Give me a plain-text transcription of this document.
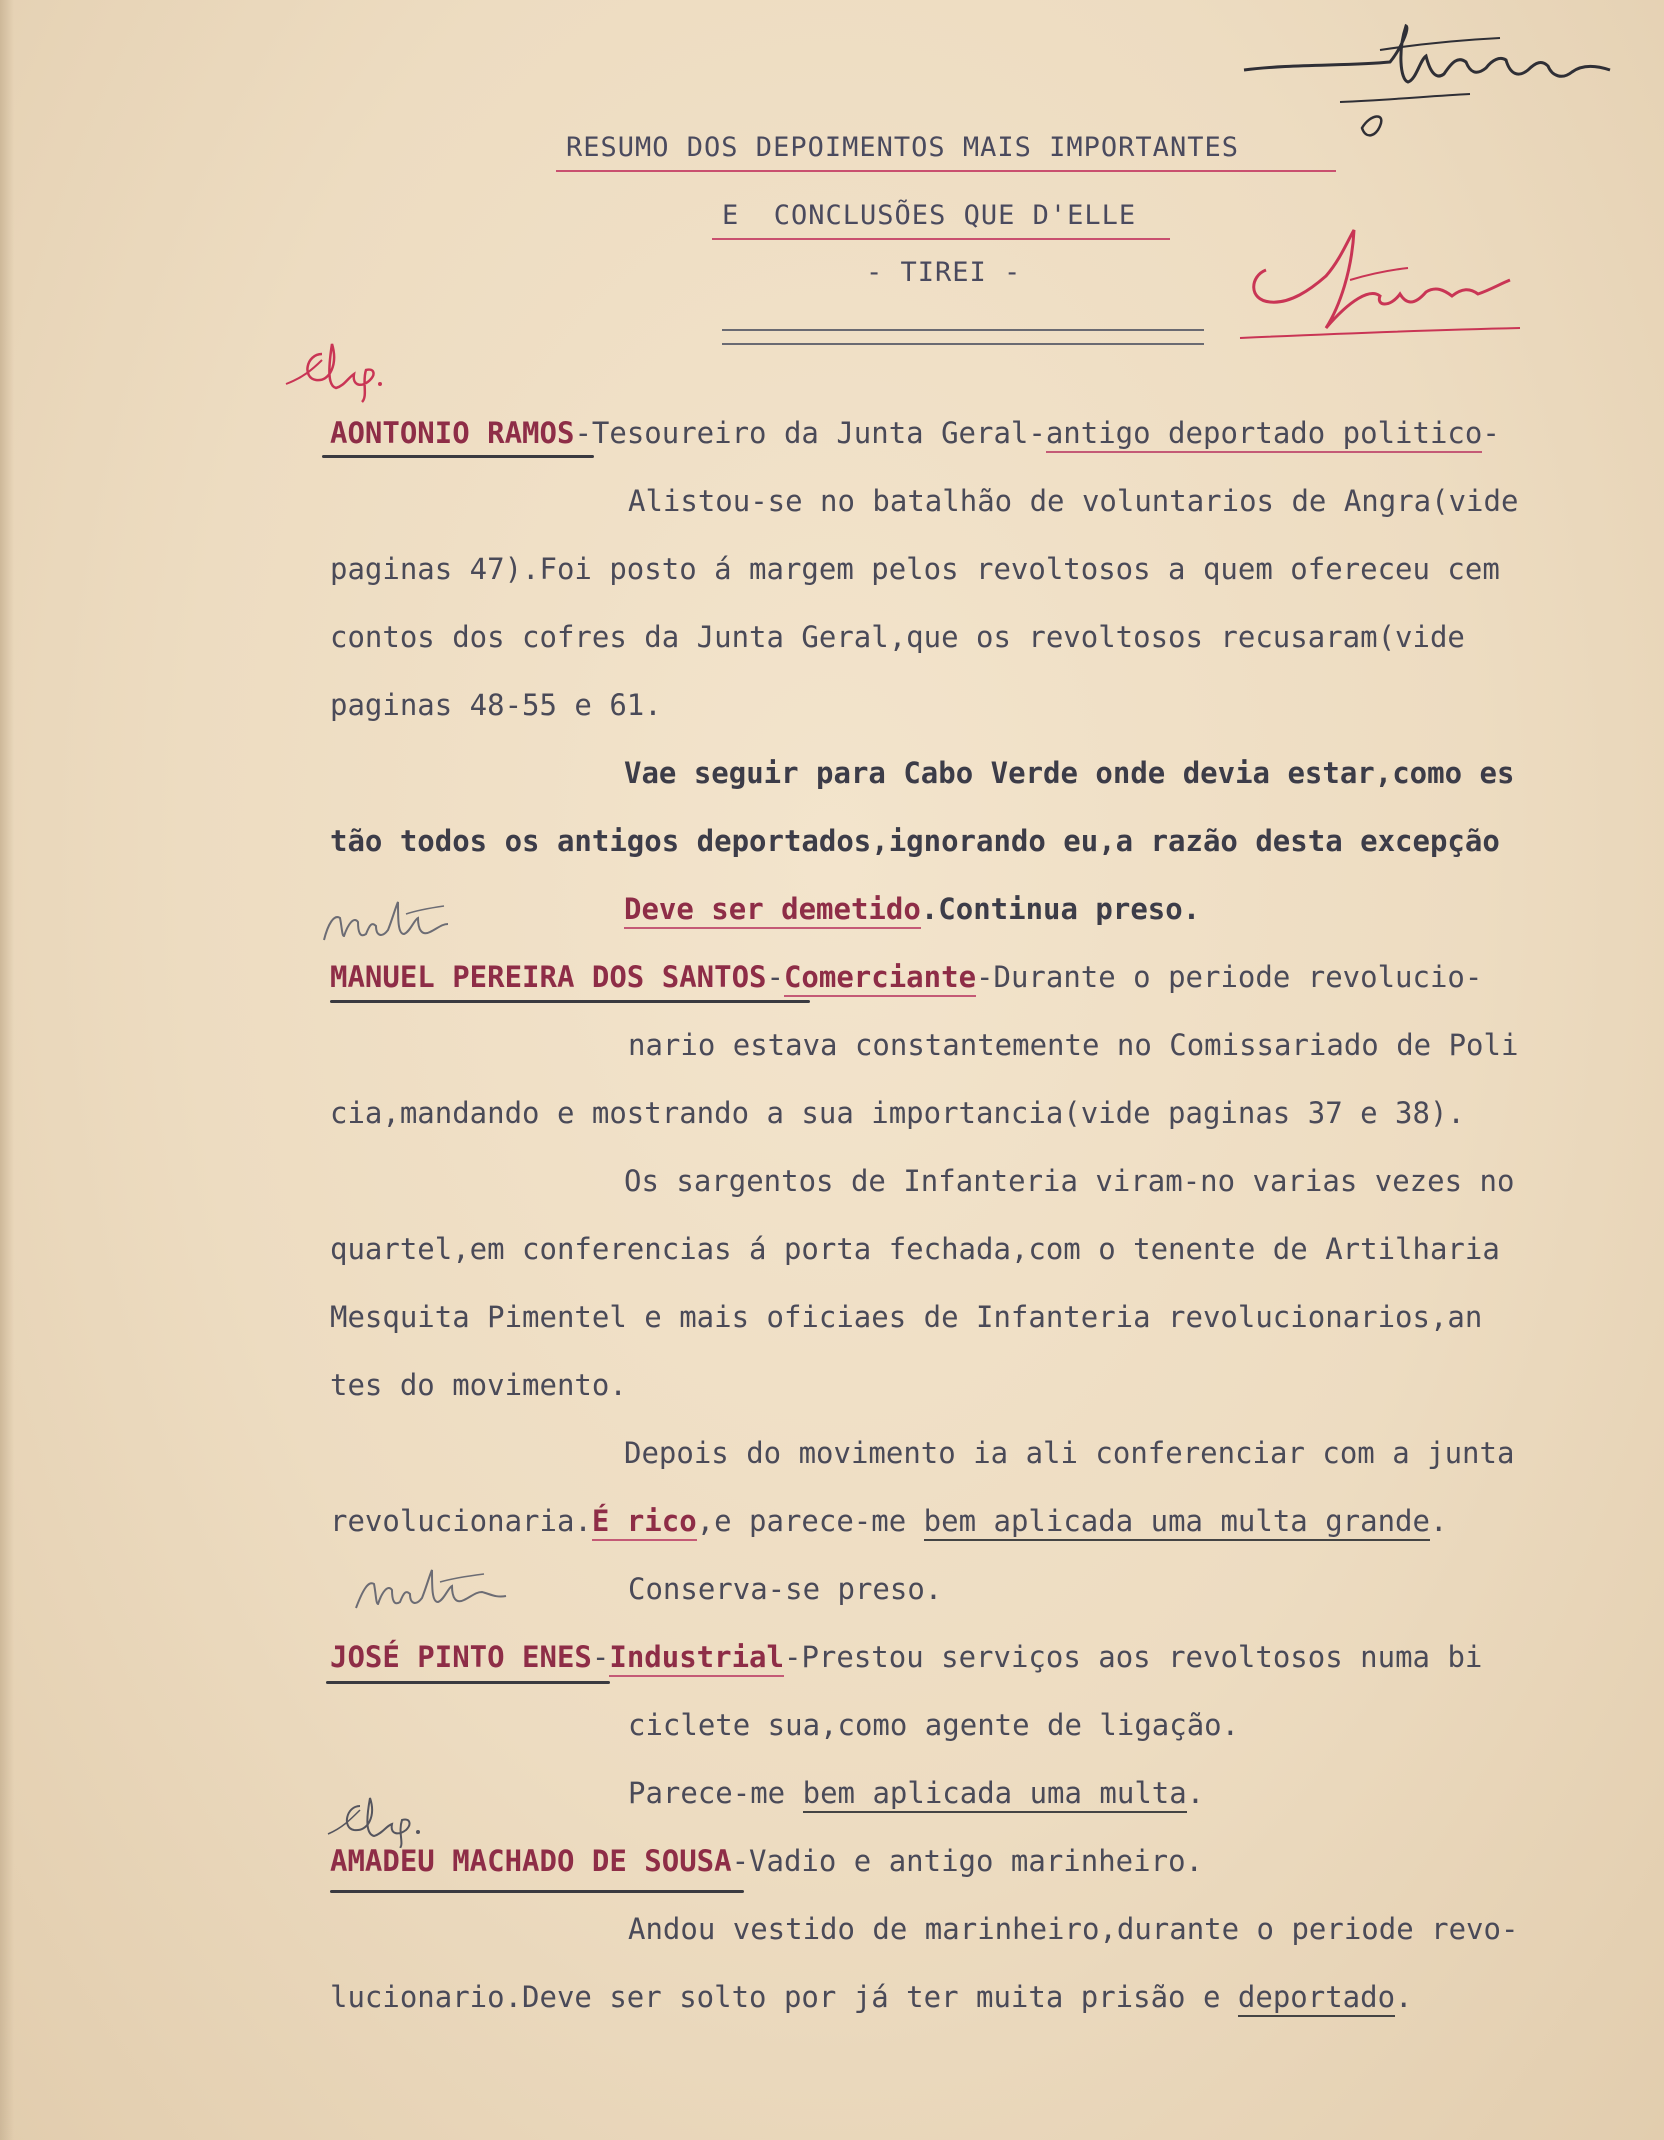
RESUMO DOS DEPOIMENTOS MAIS IMPORTANTES
E  CONCLUSÕES QUE D'ELLE
- TIREI -
AONTONIO RAMOS-Tesoureiro da Junta Geral-antigo deportado politico-
Alistou-se no batalhão de voluntarios de Angra(vide
paginas 47).Foi posto á margem pelos revoltosos a quem ofereceu cem
contos dos cofres da Junta Geral,que os revoltosos recusaram(vide
paginas 48-55 e 61.
Vae seguir para Cabo Verde onde devia estar,como es
tão todos os antigos deportados,ignorando eu,a razão desta excepção
Deve ser demetido.Continua preso.
MANUEL PEREIRA DOS SANTOS-Comerciante-Durante o periode revolucio-
nario estava constantemente no Comissariado de Poli
cia,mandando e mostrando a sua importancia(vide paginas 37 e 38).
Os sargentos de Infanteria viram-no varias vezes no
quartel,em conferencias á porta fechada,com o tenente de Artilharia
Mesquita Pimentel e mais oficiaes de Infanteria revolucionarios,an
tes do movimento.
Depois do movimento ia ali conferenciar com a junta
revolucionaria.É rico,e parece-me bem aplicada uma multa grande.
Conserva-se preso.
JOSÉ PINTO ENES-Industrial-Prestou serviços aos revoltosos numa bi
ciclete sua,como agente de ligação.
Parece-me bem aplicada uma multa.
AMADEU MACHADO DE SOUSA-Vadio e antigo marinheiro.
Andou vestido de marinheiro,durante o periode revo-
lucionario.Deve ser solto por já ter muita prisão e deportado.
